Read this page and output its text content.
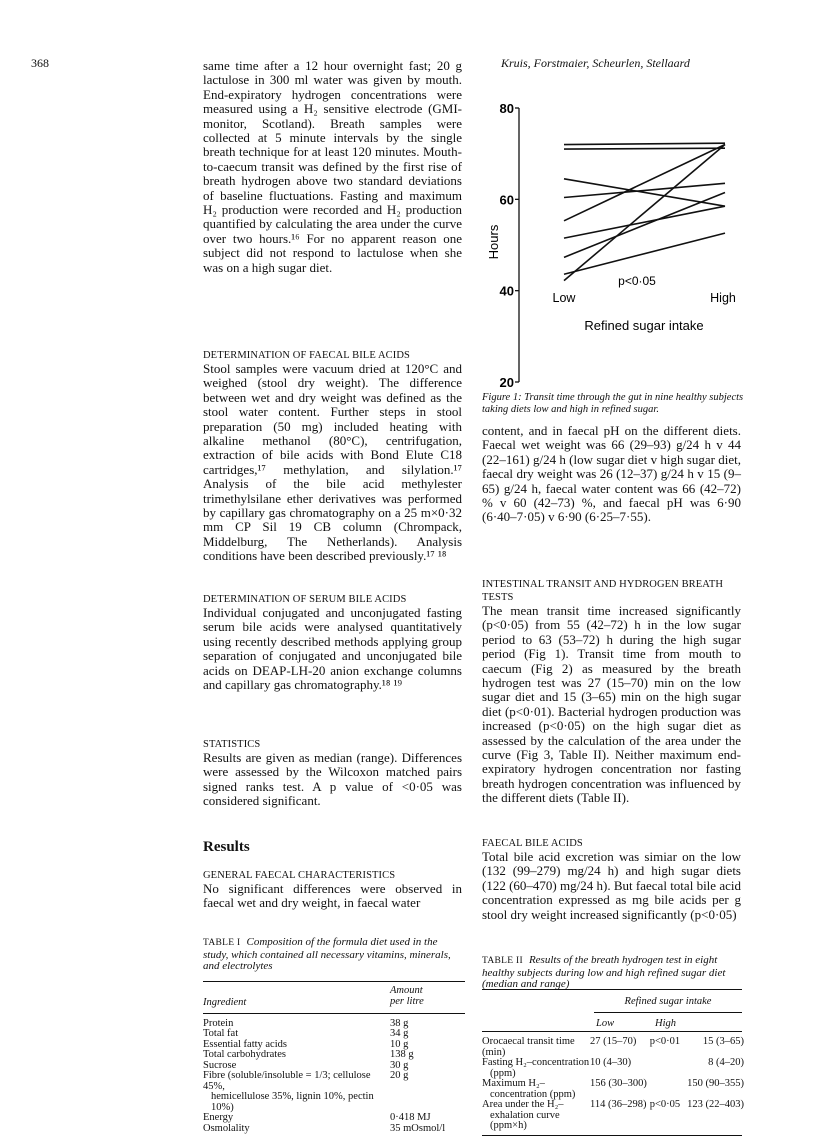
368	Kruis, Forstmaier, Scheurlen, Stellaard

same time after a 12 hour overnight fast; 20 g lactulose in 300 ml water was given by mouth. End-expiratory hydrogen concentrations were measured using a H₂ sensitive electrode (GMI-monitor, Scotland). Breath samples were collected at 5 minute intervals by the single breath technique for at least 120 minutes. Mouth-to-caecum transit was defined by the first rise of breath hydrogen above two standard deviations of baseline fluctuations. Fasting and maximum H₂ production were recorded and H₂ production quantified by calculating the area under the curve over two hours.¹⁶ For no apparent reason one subject did not respond to lactulose when she was on a high sugar diet.

DETERMINATION OF FAECAL BILE ACIDS

Stool samples were vacuum dried at 120°C and weighed (stool dry weight). The difference between wet and dry weight was defined as the stool water content. Further steps in stool preparation (50 mg) included heating with alkaline methanol (80°C), centrifugation, extraction of bile acids with Bond Elute C18 cartridges,¹⁷ methylation, and silylation.¹⁷ Analysis of the bile acid methylester trimethylsilane ether derivatives was performed by capillary gas chromatography on a 25 m×0·32 mm CP Sil 19 CB column (Chrompack, Middelburg, The Netherlands). Analysis conditions have been described previously.¹⁷ ¹⁸

DETERMINATION OF SERUM BILE ACIDS

Individual conjugated and unconjugated fasting serum bile acids were analysed quantitatively using recently described methods applying group separation of conjugated and unconjugated bile acids on DEAP-LH-20 anion exchange columns and capillary gas chromatography.¹⁸ ¹⁹

STATISTICS

Results are given as median (range). Differences were assessed by the Wilcoxon matched pairs signed ranks test. A p value of <0·05 was considered significant.

Results
GENERAL FAECAL CHARACTERISTICS

No significant differences were observed in faecal wet and dry weight, in faecal water

TABLE I Composition of the formula diet used in the study, which contained all necessary vitamins, minerals, and electrolytes
Ingredient	
Amount
per litre
Protein	38 g

Total fat	34 g

Essential fatty acids	10 g

Total carbohydrates	138 g

Sucrose	30 g

Fibre (soluble/insoluble = 1/3; cellulose 45%,
hemicellulose 35%, lignin 10%, pectin 10%)	20 g

Energy	0·418 MJ

Osmolality	35 mOsmol/l
80
60
40
20
Hours
Low	High
p<0·05
Refined sugar intake
Figure 1: Transit time through the gut in nine healthy subjects taking diets low and high in refined sugar.

content, and in faecal pH on the different diets. Faecal wet weight was 66 (29–93) g/24 h v 44 (22–161) g/24 h (low sugar diet v high sugar diet, faecal dry weight was 26 (12–37) g/24 h v 15 (9–65) g/24 h, faecal water content was 66 (42–72) % v 60 (42–73) %, and faecal pH was 6·90 (6·40–7·05) v 6·90 (6·25–7·55).

INTESTINAL TRANSIT AND HYDROGEN BREATH TESTS

The mean transit time increased significantly (p<0·05) from 55 (42–72) h in the low sugar period to 63 (53–72) h during the high sugar period (Fig 1). Transit time from mouth to caecum (Fig 2) as measured by the breath hydrogen test was 27 (15–70) min on the low sugar diet and 15 (3–65) min on the high sugar diet (p<0·01). Bacterial hydrogen production was increased (p<0·05) on the high sugar diet as assessed by the calculation of the area under the curve (Fig 3, Table II). Neither maximum end-expiratory hydrogen concentration nor fasting breath hydrogen concentration was influenced by the different diets (Table II).

FAECAL BILE ACIDS

Total bile acid excretion was simiar on the low (132 (99–279) mg/24 h) and high sugar diets (122 (60–470) mg/24 h). But faecal total bile acid concentration expressed as mg bile acids per g stool dry weight increased significantly (p<0·05)

TABLE II Results of the breath hydrogen test in eight healthy subjects during low and high refined sugar diet (median and range)
Refined sugar intake
Low	High
Orocaecal transit time (min)	27 (15–70)	p<0·01	15 (3–65)

Fasting H₂–concentration
(ppm)	10 (4–30)		8 (4–20)

Maximum H₂–
concentration (ppm)	156 (30–300)		150 (90–355)

Area under the H₂–
exhalation curve (ppm×h)	114 (36–298)	p<0·05	123 (22–403)
